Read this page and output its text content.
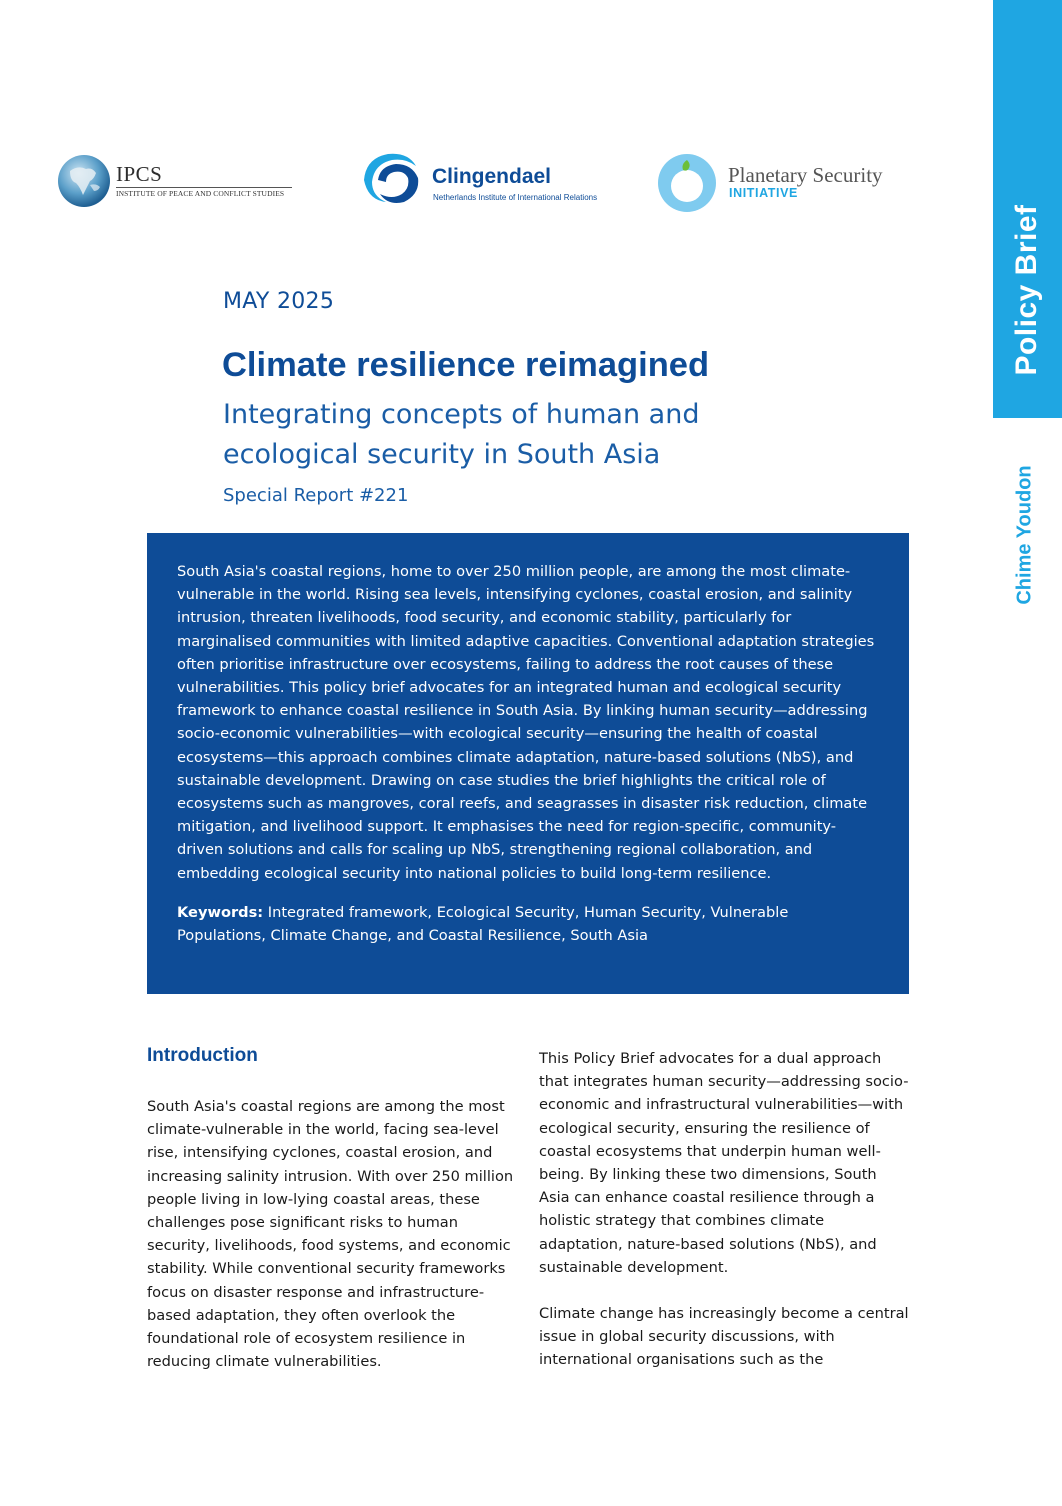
Policy Brief
Chime Youdon
IPCS
INSTITUTE OF PEACE AND CONFLICT STUDIES
Clingendael
Netherlands Institute of International Relations
Planetary Security
INITIATIVE
MAY 2025
Climate resilience reimagined
Integrating concepts of human and ecological security in South Asia
Special Report #221

South Asia's coastal regions, home to over 250 million people, are among the most climate-vulnerable in the world. Rising sea levels, intensifying cyclones, coastal erosion, and salinity intrusion, threaten livelihoods, food security, and economic stability, particularly for marginalised communities with limited adaptive capacities. Conventional adaptation strategies often prioritise infrastructure over ecosystems, failing to address the root causes of these vulnerabilities. This policy brief advocates for an integrated human and ecological security framework to enhance coastal resilience in South Asia. By linking human security—addressing socio-economic vulnerabilities—with ecological security—ensuring the health of coastal ecosystems—this approach combines climate adaptation, nature-based solutions (NbS), and sustainable development. Drawing on case studies the brief highlights the critical role of ecosystems such as mangroves, coral reefs, and seagrasses in disaster risk reduction, climate mitigation, and livelihood support. It emphasises the need for region-specific, community-driven solutions and calls for scaling up NbS, strengthening regional collaboration, and embedding ecological security into national policies to build long-term resilience.

Keywords: Integrated framework, Ecological Security, Human Security, Vulnerable Populations, Climate Change, and Coastal Resilience, South Asia

Introduction

South Asia's coastal regions are among the most climate-vulnerable in the world, facing sea-level rise, intensifying cyclones, coastal erosion, and increasing salinity intrusion. With over 250 million people living in low-lying coastal areas, these challenges pose significant risks to human security, livelihoods, food systems, and economic stability. While conventional security frameworks focus on disaster response and infrastructure-based adaptation, they often overlook the foundational role of ecosystem resilience in reducing climate vulnerabilities.

This Policy Brief advocates for a dual approach that integrates human security—addressing socio-economic and infrastructural vulnerabilities—with ecological security, ensuring the resilience of coastal ecosystems that underpin human well-being. By linking these two dimensions, South Asia can enhance coastal resilience through a holistic strategy that combines climate adaptation, nature-based solutions (NbS), and sustainable development.

Climate change has increasingly become a central issue in global security discussions, with international organisations such as the
